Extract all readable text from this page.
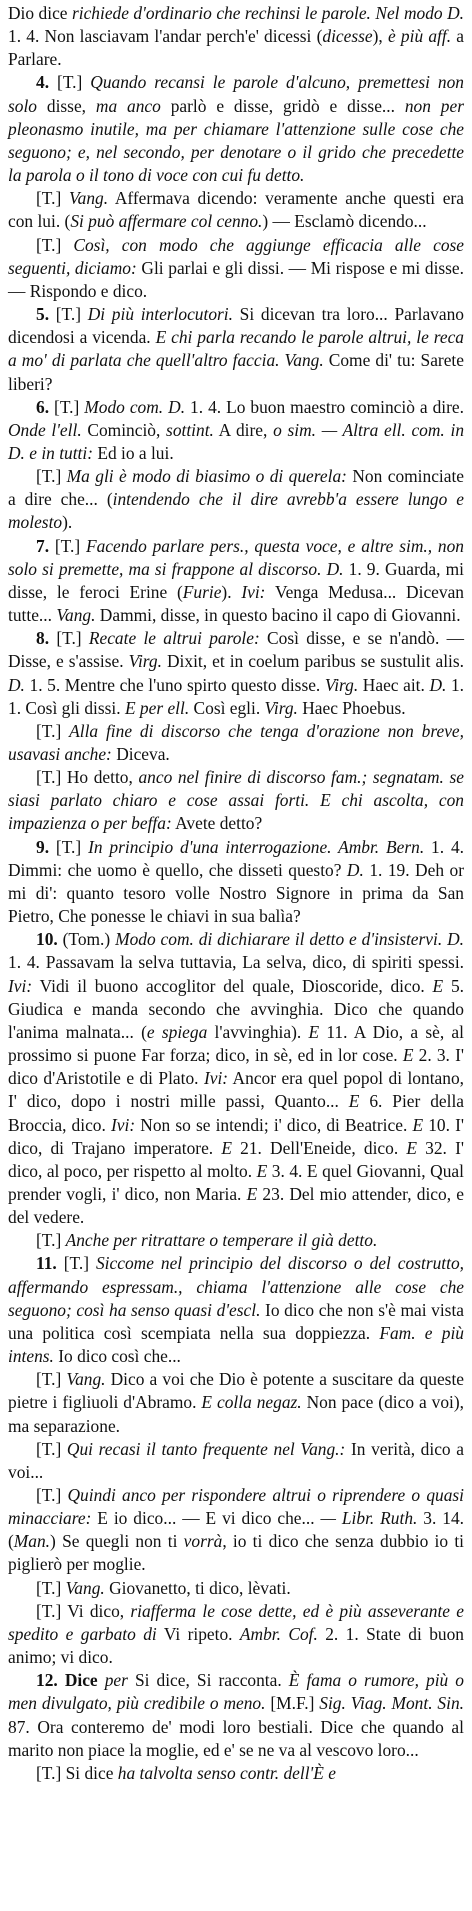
Dio dice richiede d'ordinario che rechinsi le parole. Nel modo D. 1. 4. Non lasciavam l'andar perch'e' dicessi (dicesse), è più aff. a Parlare.

4. [T.] Quando recansi le parole d'alcuno, premettesi non solo disse, ma anco parlò e disse, gridò e disse... non per pleonasmo inutile, ma per chiamare l'attenzione sulle cose che seguono; e, nel secondo, per denotare o il grido che precedette la parola o il tono di voce con cui fu detto.

[T.] Vang. Affermava dicendo: veramente anche questi era con lui. (Si può affermare col cenno.) — Esclamò dicendo...

[T.] Così, con modo che aggiunge efficacia alle cose seguenti, diciamo: Gli parlai e gli dissi. — Mi rispose e mi disse. — Rispondo e dico.

5. [T.] Di più interlocutori. Si dicevan tra loro... Parlavano dicendosi a vicenda. E chi parla recando le parole altrui, le reca a mo' di parlata che quell'altro faccia. Vang. Come di' tu: Sarete liberi?

6. [T.] Modo com. D. 1. 4. Lo buon maestro cominciò a dire. Onde l'ell. Cominciò, sottint. A dire, o sim. — Altra ell. com. in D. e in tutti: Ed io a lui.

[T.] Ma gli è modo di biasimo o di querela: Non cominciate a dire che... (intendendo che il dire avrebb'a essere lungo e molesto).

7. [T.] Facendo parlare pers., questa voce, e altre sim., non solo si premette, ma si frappone al discorso. D. 1. 9. Guarda, mi disse, le feroci Erine (Furie). Ivi: Venga Medusa... Dicevan tutte... Vang. Dammi, disse, in questo bacino il capo di Giovanni.

8. [T.] Recate le altrui parole: Così disse, e se n'andò. — Disse, e s'assise. Virg. Dixit, et in coelum paribus se sustulit alis. D. 1. 5. Mentre che l'uno spirto questo disse. Virg. Haec ait. D. 1. 1. Così gli dissi. E per ell. Così egli. Virg. Haec Phoebus.

[T.] Alla fine di discorso che tenga d'orazione non breve, usavasi anche: Diceva.

[T.] Ho detto, anco nel finire di discorso fam.; segnatam. se siasi parlato chiaro e cose assai forti. E chi ascolta, con impazienza o per beffa: Avete detto?

9. [T.] In principio d'una interrogazione. Ambr. Bern. 1. 4. Dimmi: che uomo è quello, che disseti questo? D. 1. 19. Deh or mi di': quanto tesoro volle Nostro Signore in prima da San Pietro, Che ponesse le chiavi in sua balìa?

10. (Tom.) Modo com. di dichiarare il detto e d'insistervi. D. 1. 4. Passavam la selva tuttavia, La selva, dico, di spiriti spessi. Ivi: Vidi il buono accoglitor del quale, Dioscoride, dico. E 5. Giudica e manda secondo che avvinghia. Dico che quando l'anima malnata... (e spiega l'avvinghia). E 11. A Dio, a sè, al prossimo si puone Far forza; dico, in sè, ed in lor cose. E 2. 3. I' dico d'Aristotile e di Plato. Ivi: Ancor era quel popol di lontano, I' dico, dopo i nostri mille passi, Quanto... E 6. Pier della Broccia, dico. Ivi: Non so se intendi; i' dico, di Beatrice. E 10. I' dico, di Trajano imperatore. E 21. Dell'Eneide, dico. E 32. I' dico, al poco, per rispetto al molto. E 3. 4. E quel Giovanni, Qual prender vogli, i' dico, non Maria. E 23. Del mio attender, dico, e del vedere.

[T.] Anche per ritrattare o temperare il già detto.

11. [T.] Siccome nel principio del discorso o del costrutto, affermando espressam., chiama l'attenzione alle cose che seguono; così ha senso quasi d'escl. Io dico che non s'è mai vista una politica così scempiata nella sua doppiezza. Fam. e più intens. Io dico così che...

[T.] Vang. Dico a voi che Dio è potente a suscitare da queste pietre i figliuoli d'Abramo. E colla negaz. Non pace (dico a voi), ma separazione.

[T.] Qui recasi il tanto frequente nel Vang.: In verità, dico a voi...

[T.] Quindi anco per rispondere altrui o riprendere o quasi minacciare: E io dico... — E vi dico che... — Libr. Ruth. 3. 14. (Man.) Se quegli non ti vorrà, io ti dico che senza dubbio io ti piglierò per moglie.

[T.] Vang. Giovanetto, ti dico, lèvati.

[T.] Vi dico, riafferma le cose dette, ed è più asseverante e spedito e garbato di Vi ripeto. Ambr. Cof. 2. 1. State di buon animo; vi dico.

12. Dice per Si dice, Si racconta. È fama o rumore, più o men divulgato, più credibile o meno. [M.F.] Sig. Viag. Mont. Sin. 87. Ora conteremo de' modi loro bestiali. Dice che quando al marito non piace la moglie, ed e' se ne va al vescovo loro...

[T.] Si dice ha talvolta senso contr. dell'È e
